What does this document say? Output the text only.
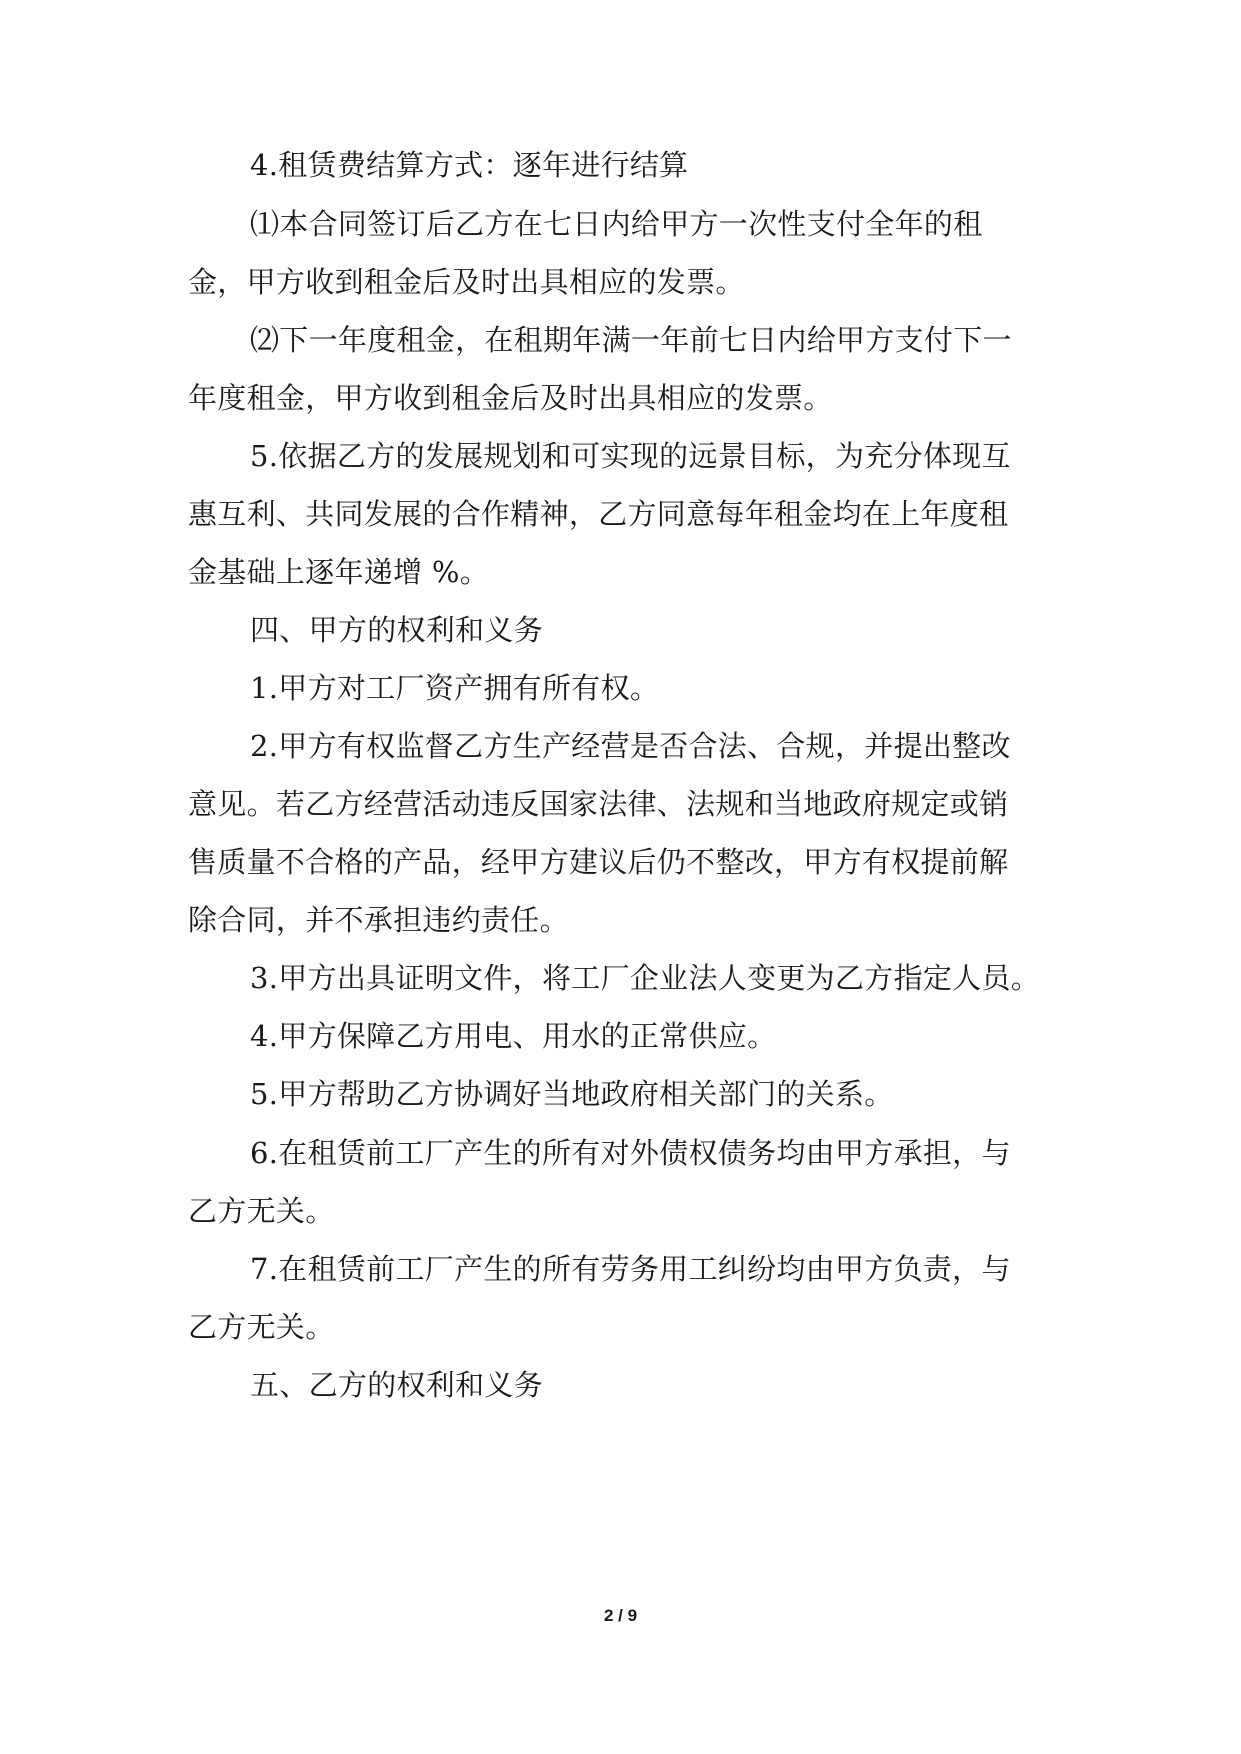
4.租赁费结算方式：逐年进行结算
⑴本合同签订后乙方在七日内给甲方一次性支付全年的租
金，甲方收到租金后及时出具相应的发票。
⑵下一年度租金，在租期年满一年前七日内给甲方支付下一
年度租金，甲方收到租金后及时出具相应的发票。
5.依据乙方的发展规划和可实现的远景目标，为充分体现互
惠互利、共同发展的合作精神，乙方同意每年租金均在上年度租
金基础上逐年递增 %。
四、甲方的权利和义务
1.甲方对工厂资产拥有所有权。
2.甲方有权监督乙方生产经营是否合法、合规，并提出整改
意见。若乙方经营活动违反国家法律、法规和当地政府规定或销
售质量不合格的产品，经甲方建议后仍不整改，甲方有权提前解
除合同，并不承担违约责任。
3.甲方出具证明文件，将工厂企业法人变更为乙方指定人员。
4.甲方保障乙方用电、用水的正常供应。
5.甲方帮助乙方协调好当地政府相关部门的关系。
6.在租赁前工厂产生的所有对外债权债务均由甲方承担，与
乙方无关。
7.在租赁前工厂产生的所有劳务用工纠纷均由甲方负责，与
乙方无关。
五、乙方的权利和义务
2 / 9
